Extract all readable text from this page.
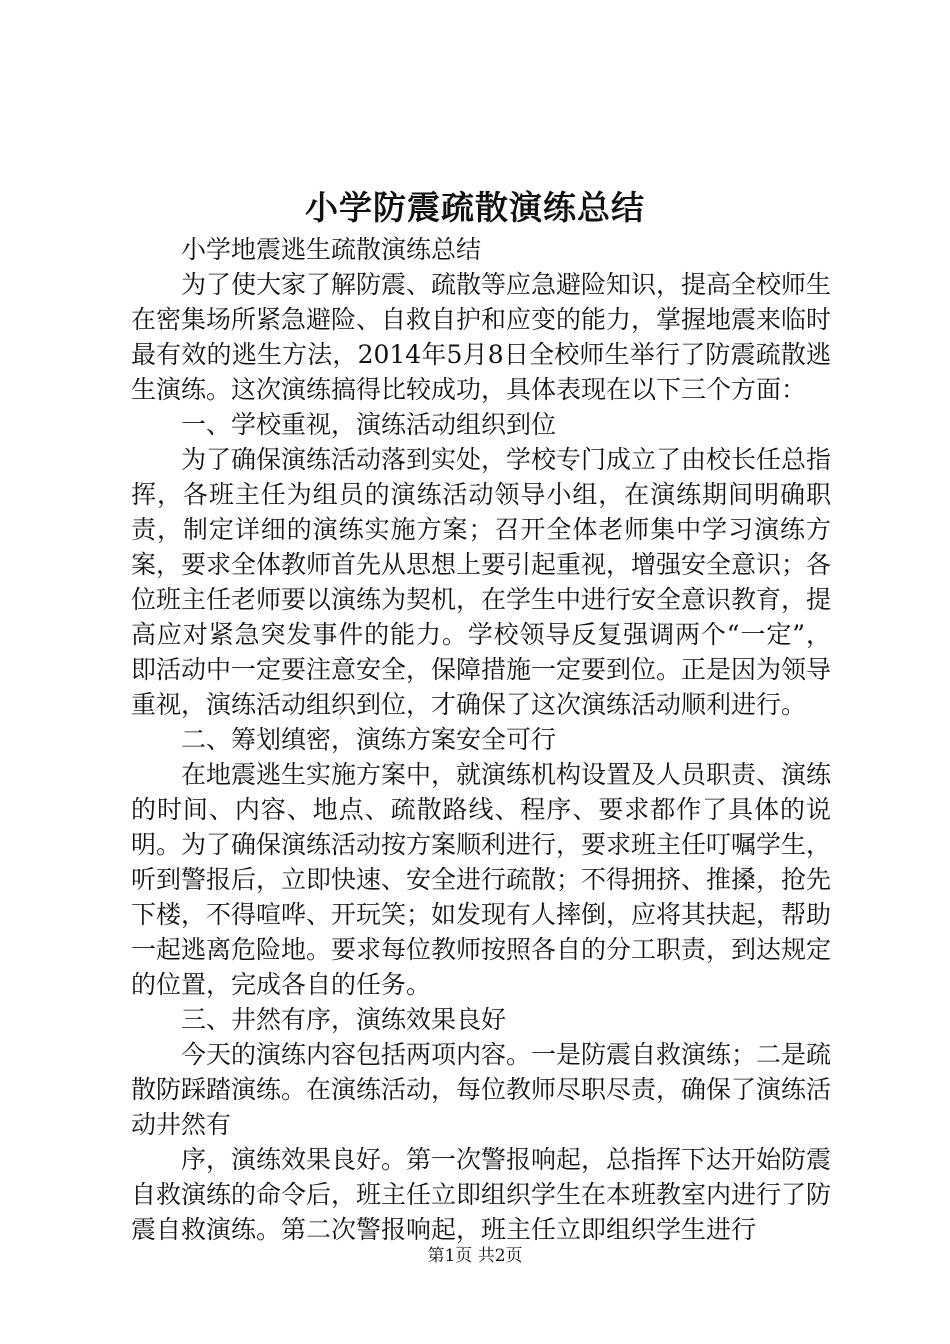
小学防震疏散演练总结

小学地震逃生疏散演练总结

为了使大家了解防震、疏散等应急避险知识，提高全校师生在密集场所紧急避险、自救自护和应变的能力，掌握地震来临时最有效的逃生方法，2014年5月8日全校师生举行了防震疏散逃生演练。这次演练搞得比较成功，具体表现在以下三个方面：

一、学校重视，演练活动组织到位

为了确保演练活动落到实处，学校专门成立了由校长任总指挥，各班主任为组员的演练活动领导小组，在演练期间明确职责，制定详细的演练实施方案；召开全体老师集中学习演练方案，要求全体教师首先从思想上要引起重视，增强安全意识；各位班主任老师要以演练为契机，在学生中进行安全意识教育，提高应对紧急突发事件的能力。学校领导反复强调两个“一定”，即活动中一定要注意安全，保障措施一定要到位。正是因为领导重视，演练活动组织到位，才确保了这次演练活动顺利进行。

二、筹划缜密，演练方案安全可行

在地震逃生实施方案中，就演练机构设置及人员职责、演练的时间、内容、地点、疏散路线、程序、要求都作了具体的说明。为了确保演练活动按方案顺利进行，要求班主任叮嘱学生，听到警报后，立即快速、安全进行疏散；不得拥挤、推搡，抢先下楼，不得喧哗、开玩笑；如发现有人摔倒，应将其扶起，帮助一起逃离危险地。要求每位教师按照各自的分工职责，到达规定的位置，完成各自的任务。

三、井然有序，演练效果良好

今天的演练内容包括两项内容。一是防震自救演练；二是疏散防踩踏演练。在演练活动，每位教师尽职尽责，确保了演练活动井然有

序，演练效果良好。第一次警报响起，总指挥下达开始防震自救演练的命令后，班主任立即组织学生在本班教室内进行了防震自救演练。第二次警报响起，班主任立即组织学生进行

第1页 共2页
